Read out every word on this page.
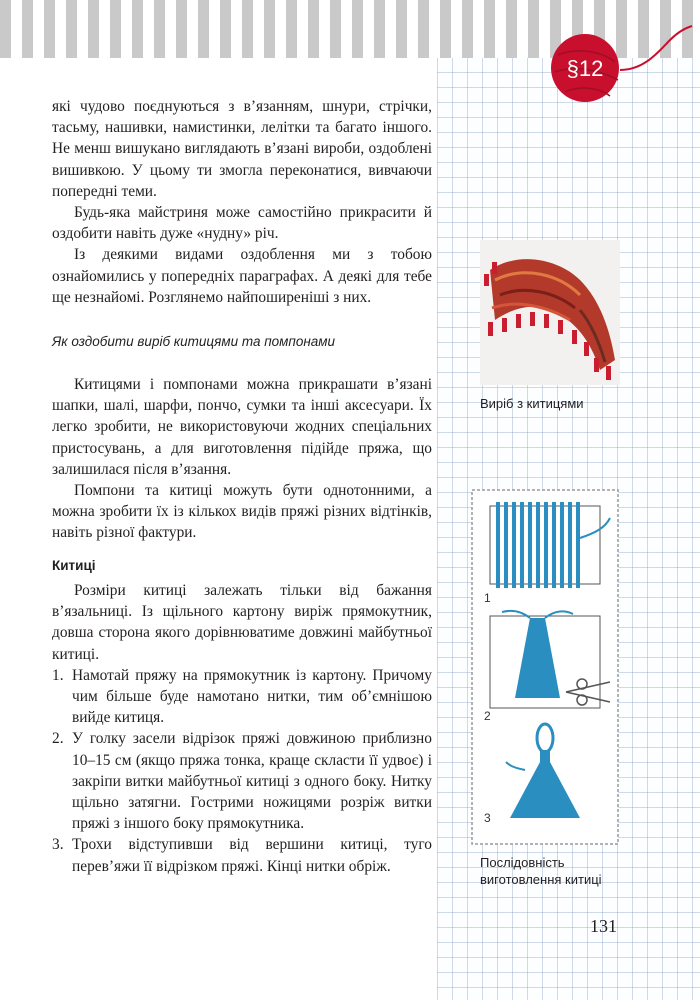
§12

які чудово поєднуються з в’язанням, шнури, стрічки, тасьму, нашивки, намистинки, лелітки та багато іншого. Не менш вишукано виглядають в’язані вироби, оздоблені вишивкою. У цьому ти змогла переконатися, вивчаючи попередні теми.

Будь-яка майстриня може самостійно прикрасити й оздобити навіть дуже «нудну» річ.

Із деякими видами оздоблення ми з тобою ознайомились у попередніх параграфах. А деякі для тебе ще незнайомі. Розглянемо найпоширеніші з них.

Як оздобити виріб китицями та помпонами

Китицями і помпонами можна прикрашати в’язані шапки, шалі, шарфи, пончо, сумки та інші аксесуари. Їх легко зробити, не використовуючи жодних спеціальних пристосувань, а для виготовлення підійде пряжа, що залишилася після в’язання.

Помпони та китиці можуть бути однотонними, а можна зробити їх із кількох видів пряжі різних відтінків, навіть різної фактури.

Китиці

Розміри китиці залежать тільки від бажання в’язальниці. Із щільного картону виріж прямокутник, довша сторона якого дорівнюватиме довжині майбутньої китиці.

1. Намотай пряжу на прямокутник із картону. Причому чим більше буде намотано нитки, тим об’ємнішою вийде китиця.
2. У голку засели відрізок пряжі довжиною приблизно 10–15 см (якщо пряжа тонка, краще скласти її удвоє) і закріпи витки майбутньої китиці з одного боку. Нитку щільно затягни. Гострими ножицями розріж витки пряжі з іншого боку прямокутника.
3. Трохи відступивши від вершини китиці, туго перев’яжи її відрізком пряжі. Кінці нитки обріж.
Виріб з китицями
1
2
3
Послідовність виготовлення китиці
131
